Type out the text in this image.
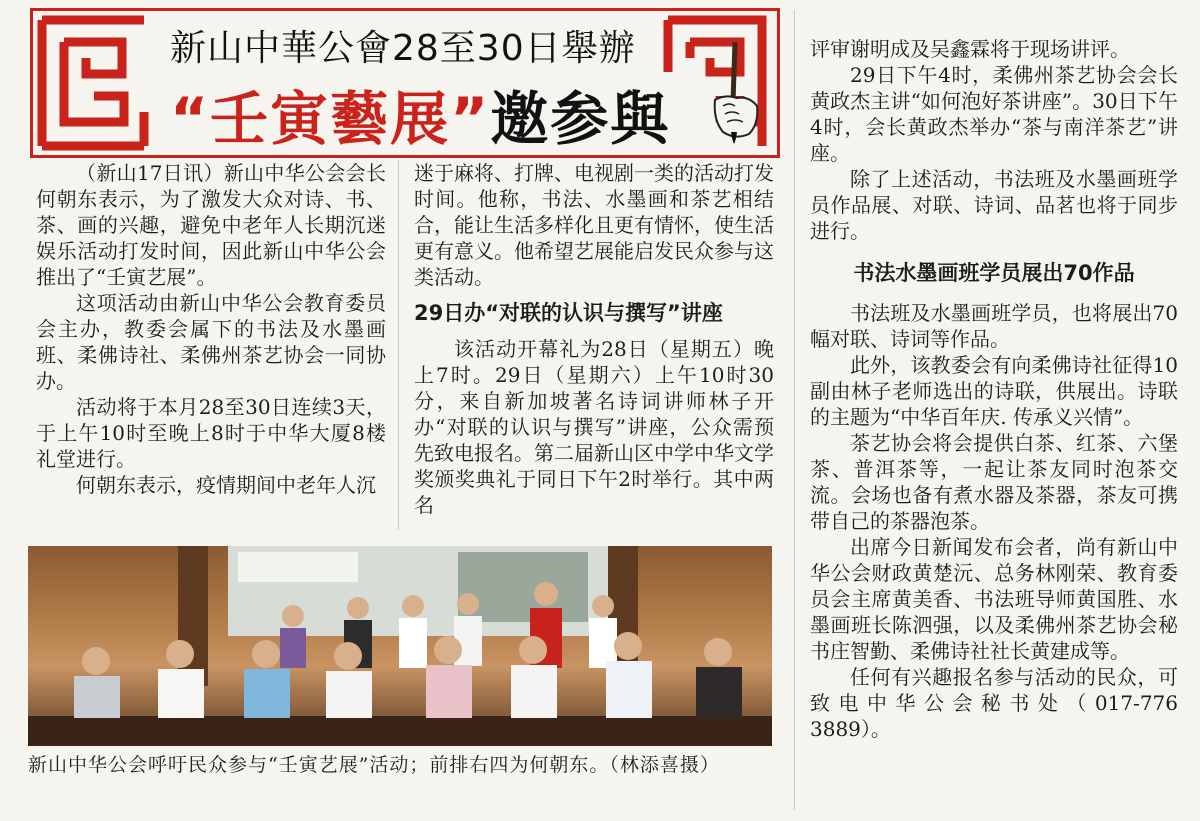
新山中華公會28至30日舉辦
“壬寅藝展”邀参與

（新山17日讯）新山中华公会会长何朝东表示，为了激发大众对诗、书、茶、画的兴趣，避免中老年人长期沉迷娱乐活动打发时间，因此新山中华公会推出了“壬寅艺展”。

这项活动由新山中华公会教育委员会主办，教委会属下的书法及水墨画班、柔佛诗社、柔佛州茶艺协会一同协办。

活动将于本月28至30日连续3天，于上午10时至晚上8时于中华大厦8楼礼堂进行。

何朝东表示，疫情期间中老年人沉

迷于麻将、打牌、电视剧一类的活动打发时间。他称，书法、水墨画和茶艺相结合，能让生活多样化且更有情怀，使生活更有意义。他希望艺展能启发民众参与这类活动。

29日办“对联的认识与撰写”讲座

该活动开幕礼为28日（星期五）晚上7时。29日（星期六）上午10时30分，来自新加坡著名诗词讲师林子开办“对联的认识与撰写”讲座，公众需预先致电报名。第二届新山区中学中华文学奖颁奖典礼于同日下午2时举行。其中两名

评审谢明成及吴鑫霖将于现场讲评。

29日下午4时，柔佛州茶艺协会会长黄政杰主讲“如何泡好茶讲座”。30日下午4时，会长黄政杰举办“茶与南洋茶艺”讲座。

除了上述活动，书法班及水墨画班学员作品展、对联、诗词、品茗也将于同步进行。

书法水墨画班学员展出70作品

书法班及水墨画班学员，也将展出70幅对联、诗词等作品。

此外，该教委会有向柔佛诗社征得10副由林子老师选出的诗联，供展出。诗联的主题为“中华百年庆. 传承义兴情”。

茶艺协会将会提供白茶、红茶、六堡茶、普洱茶等，一起让茶友同时泡茶交流。会场也备有煮水器及茶器，茶友可携带自己的茶器泡茶。

出席今日新闻发布会者，尚有新山中华公会财政黄楚沅、总务林刚荣、教育委员会主席黄美香、书法班导师黄国胜、水墨画班长陈泗强，以及柔佛州茶艺协会秘书庄智勤、柔佛诗社社长黄建成等。

任何有兴趣报名参与活动的民众，可致电中华公会秘书处（017-776 3889）。

新山中华公会呼吁民众参与“壬寅艺展”活动；前排右四为何朝东。（林添喜摄）
